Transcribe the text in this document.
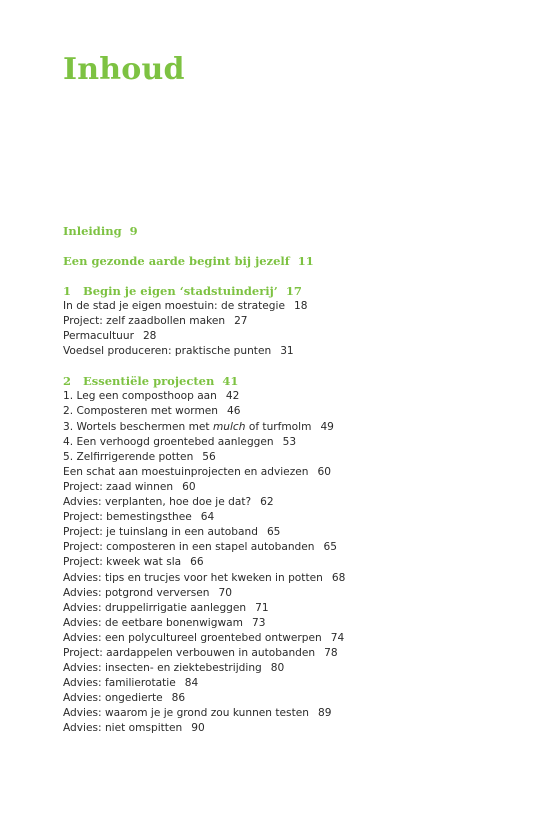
Inhoud
Inleiding 9
Een gezonde aarde begint bij jezelf 11
1 Begin je eigen ‘stadstuinderij’ 17
In de stad je eigen moestuin: de strategie 18
Project: zelf zaadbollen maken 27
Permacultuur 28
Voedsel produceren: praktische punten 31
2 Essentiële projecten 41
1. Leg een composthoop aan 42
2. Composteren met wormen 46
3. Wortels beschermen met mulch of turfmolm 49
4. Een verhoogd groentebed aanleggen 53
5. Zelfirrigerende potten 56
Een schat aan moestuinprojecten en adviezen 60
Project: zaad winnen 60
Advies: verplanten, hoe doe je dat? 62
Project: bemestingsthee 64
Project: je tuinslang in een autoband 65
Project: composteren in een stapel autobanden 65
Project: kweek wat sla 66
Advies: tips en trucjes voor het kweken in potten 68
Advies: potgrond verversen 70
Advies: druppelirrigatie aanleggen 71
Advies: de eetbare bonenwigwam 73
Advies: een polycultureel groentebed ontwerpen 74
Project: aardappelen verbouwen in autobanden 78
Advies: insecten- en ziektebestrijding 80
Advies: familierotatie 84
Advies: ongedierte 86
Advies: waarom je je grond zou kunnen testen 89
Advies: niet omspitten 90
